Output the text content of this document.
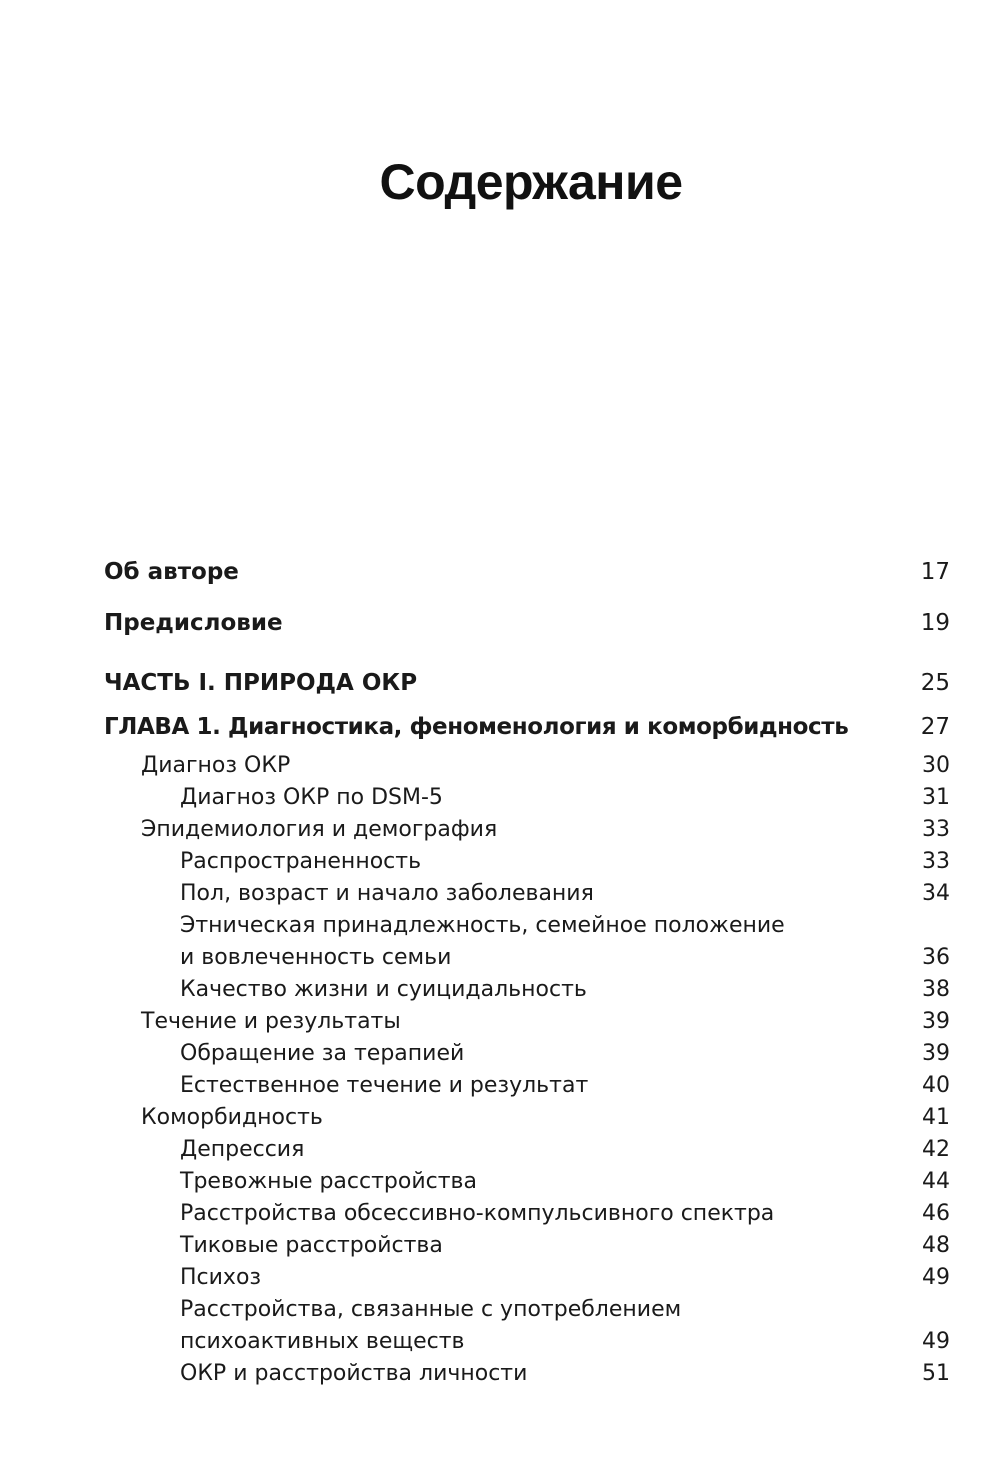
Содержание
Об авторе	17
Предисловие	19
ЧАСТЬ I. ПРИРОДА ОКР	25
ГЛАВА 1. Диагностика, феноменология и коморбидность	27
Диагноз ОКР	30
Диагноз ОКР по DSM-5	31
Эпидемиология и демография	33
Распространенность	33
Пол, возраст и начало заболевания	34
Этническая принадлежность, семейное положение
и вовлеченность семьи	36
Качество жизни и суицидальность	38
Течение и результаты	39
Обращение за терапией	39
Естественное течение и результат	40
Коморбидность	41
Депрессия	42
Тревожные расстройства	44
Расстройства обсессивно-компульсивного спектра	46
Тиковые расстройства	48
Психоз	49
Расстройства, связанные с употреблением
психоактивных веществ	49
ОКР и расстройства личности	51
